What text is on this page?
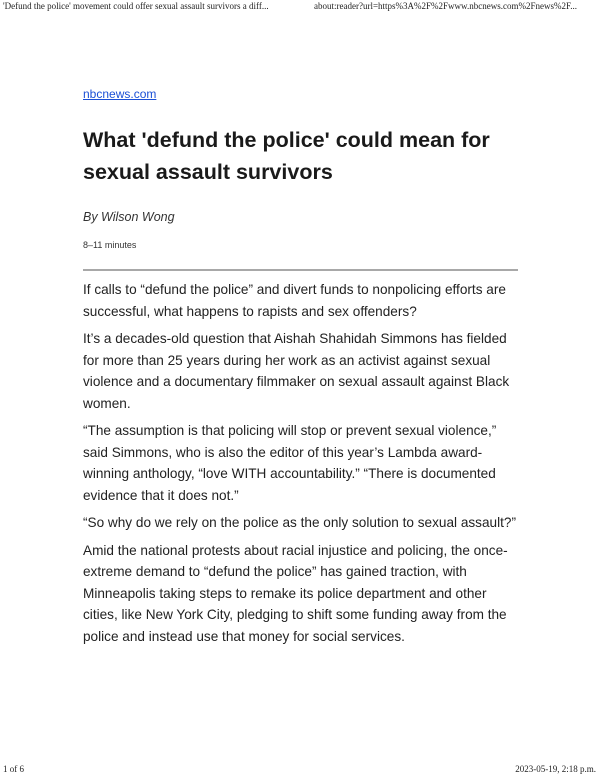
'Defund the police' movement could offer sexual assault survivors a diff...	about:reader?url=https%3A%2F%2Fwww.nbcnews.com%2Fnews%2F...
nbcnews.com
What 'defund the police' could mean for sexual assault survivors
By Wilson Wong
8–11 minutes

If calls to “defund the police” and divert funds to nonpolicing efforts are successful, what happens to rapists and sex offenders?

It’s a decades-old question that Aishah Shahidah Simmons has fielded for more than 25 years during her work as an activist against sexual violence and a documentary filmmaker on sexual assault against Black women.

“The assumption is that policing will stop or prevent sexual violence,” said Simmons, who is also the editor of this year’s Lambda award-winning anthology, “love WITH accountability.” “There is documented evidence that it does not.”

“So why do we rely on the police as the only solution to sexual assault?”

Amid the national protests about racial injustice and policing, the once-extreme demand to “defund the police” has gained traction, with Minneapolis taking steps to remake its police department and other cities, like New York City, pledging to shift some funding away from the police and instead use that money for social services.

1 of 6	2023-05-19, 2:18 p.m.
